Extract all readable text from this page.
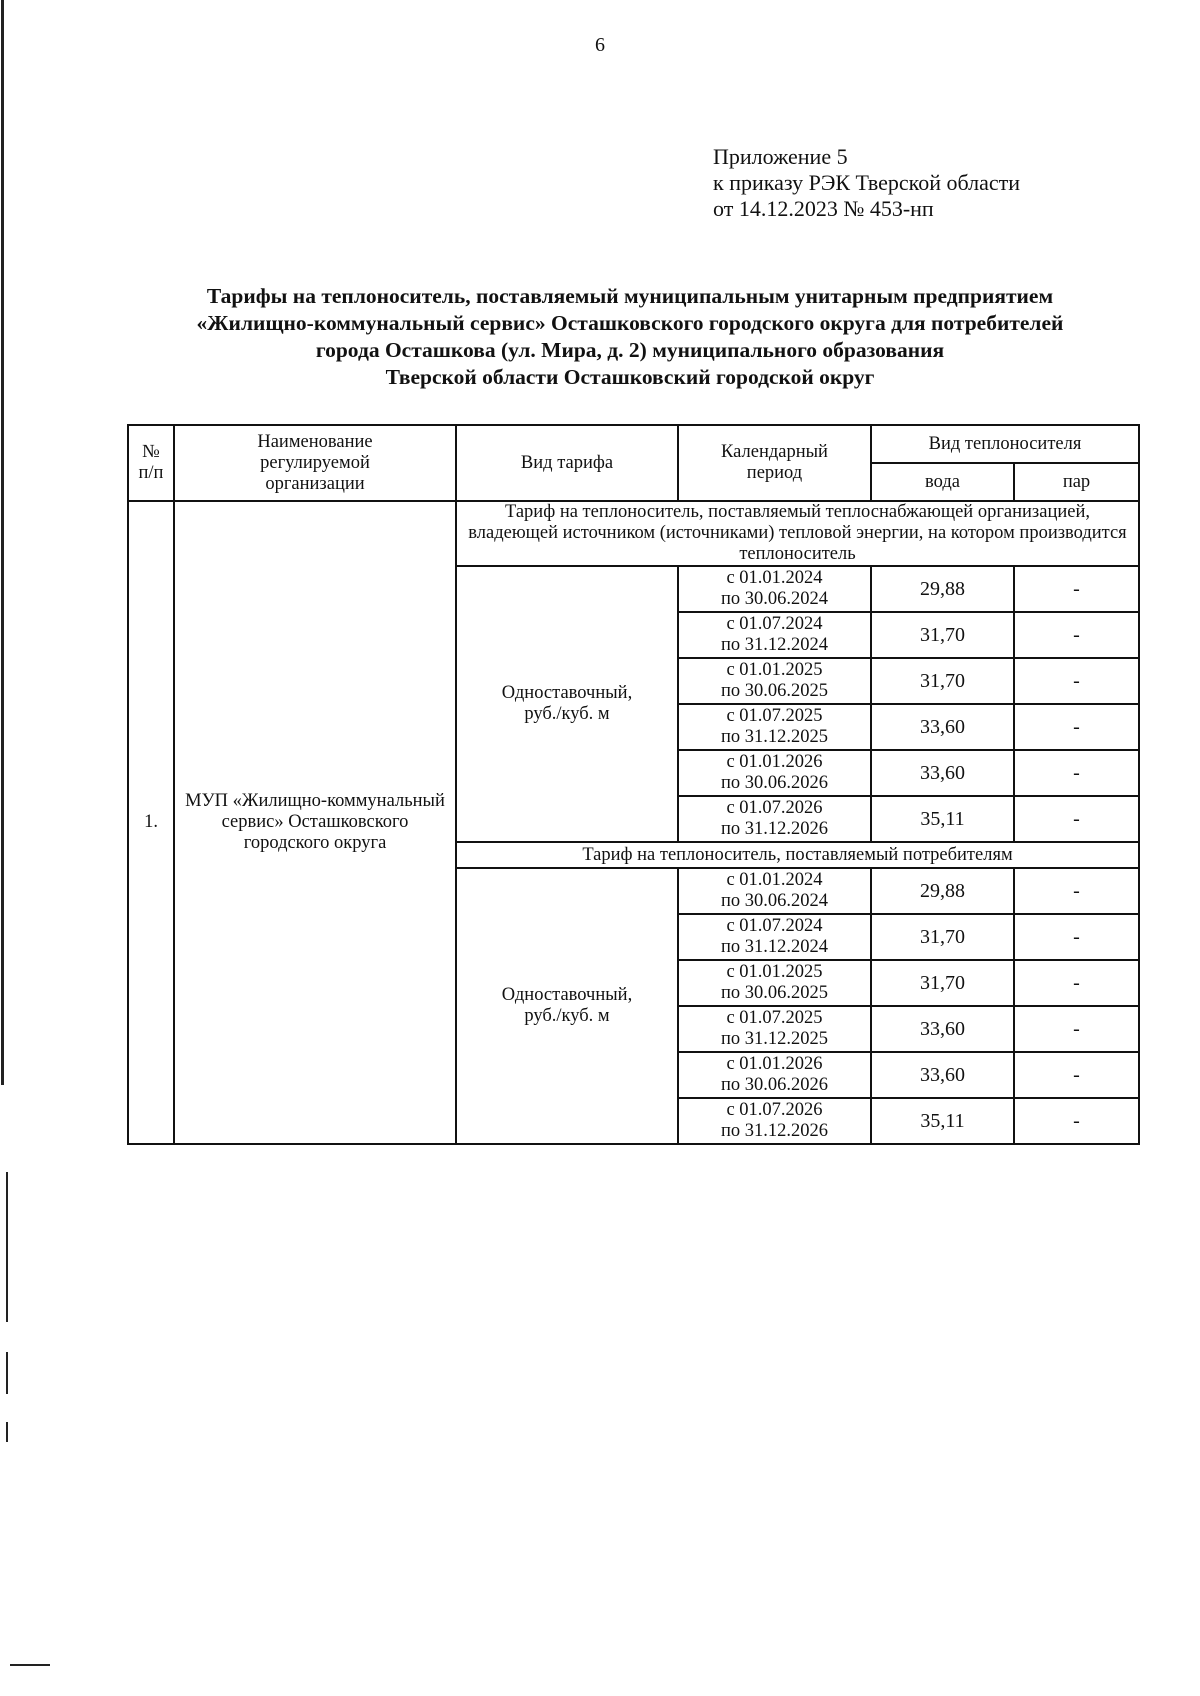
6
Приложение 5
к приказу РЭК Тверской области
от 14.12.2023 № 453-нп
Тарифы на теплоноситель, поставляемый муниципальным унитарным предприятием
«Жилищно-коммунальный сервис» Осташковского городского округа для потребителей
города Осташкова (ул. Мира, д. 2) муниципального образования
Тверской области Осташковский городской округ
№
п/п	Наименование регулируемой организации	Вид тарифа	Календарный период	Вид теплоносителя	
				вода	пар
1.	МУП «Жилищно-коммунальный сервис» Осташковского городского округа	Тариф на теплоноситель, поставляемый теплоснабжающей организацией, владеющей источником (источниками) тепловой энергии, на котором производится теплоноситель			
		Одноставочный, руб./куб. м	с 01.01.2024
по 30.06.2024	29,88	-

			с 01.07.2024
по 31.12.2024	31,70	-

			с 01.01.2025
по 30.06.2025	31,70	-

			с 01.07.2025
по 31.12.2025	33,60	-

			с 01.01.2026
по 30.06.2026	33,60	-

			с 01.07.2026
по 31.12.2026	35,11	-
		Тариф на теплоноситель, поставляемый потребителям			
		Одноставочный, руб./куб. м	с 01.01.2024
по 30.06.2024	29,88	-

			с 01.07.2024
по 31.12.2024	31,70	-

			с 01.01.2025
по 30.06.2025	31,70	-

			с 01.07.2025
по 31.12.2025	33,60	-

			с 01.01.2026
по 30.06.2026	33,60	-

			с 01.07.2026
по 31.12.2026	35,11	-
